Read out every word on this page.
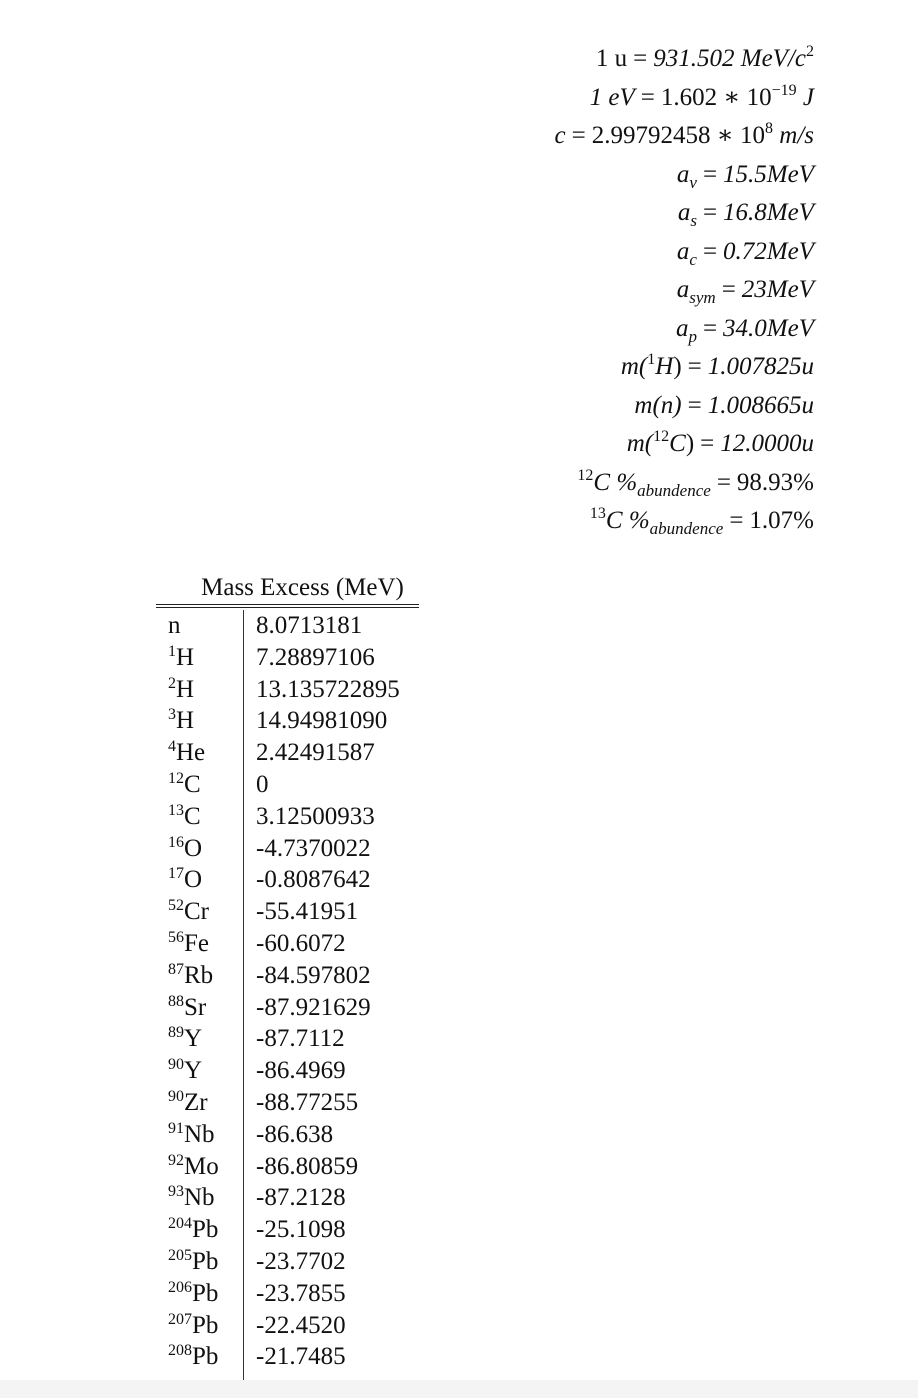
1 u = 931.502 MeV/$c^2$
1 eV = 1.602 ∗ $10^{-19}$ J
c = 2.99792458 ∗ $10^8$ m/s
$a_v = 15.5MeV$
$a_s = 16.8MeV$
$a_c = 0.72MeV$
$a_{sym} = 23MeV$
$a_p = 34.0MeV$
m($^1$H) = 1.007825u
m(n) = 1.008665u
m($^{12}$C) = 12.0000u
$^{12}$C $\%_{abundence} = 98.93\%$
$^{13}$C $\%_{abundence} = 1.07\%$
Mass Excess (MeV)
n	8.0713181
$^1$H	7.28897106
$^2$H	13.135722895
$^3$H	14.94981090
$^4$He	2.42491587
$^{12}$C	0
$^{13}$C	3.12500933
$^{16}$O	-4.7370022
$^{17}$O	-0.8087642
$^{52}$Cr	-55.41951
$^{56}$Fe	-60.6072
$^{87}$Rb	-84.597802
$^{88}$Sr	-87.921629
$^{89}$Y	-87.7112
$^{90}$Y	-86.4969
$^{90}$Zr	-88.77255
$^{91}$Nb	-86.638
$^{92}$Mo	-86.80859
$^{93}$Nb	-87.2128
$^{204}$Pb	-25.1098
$^{205}$Pb	-23.7702
$^{206}$Pb	-23.7855
$^{207}$Pb	-22.4520
$^{208}$Pb	-21.7485
